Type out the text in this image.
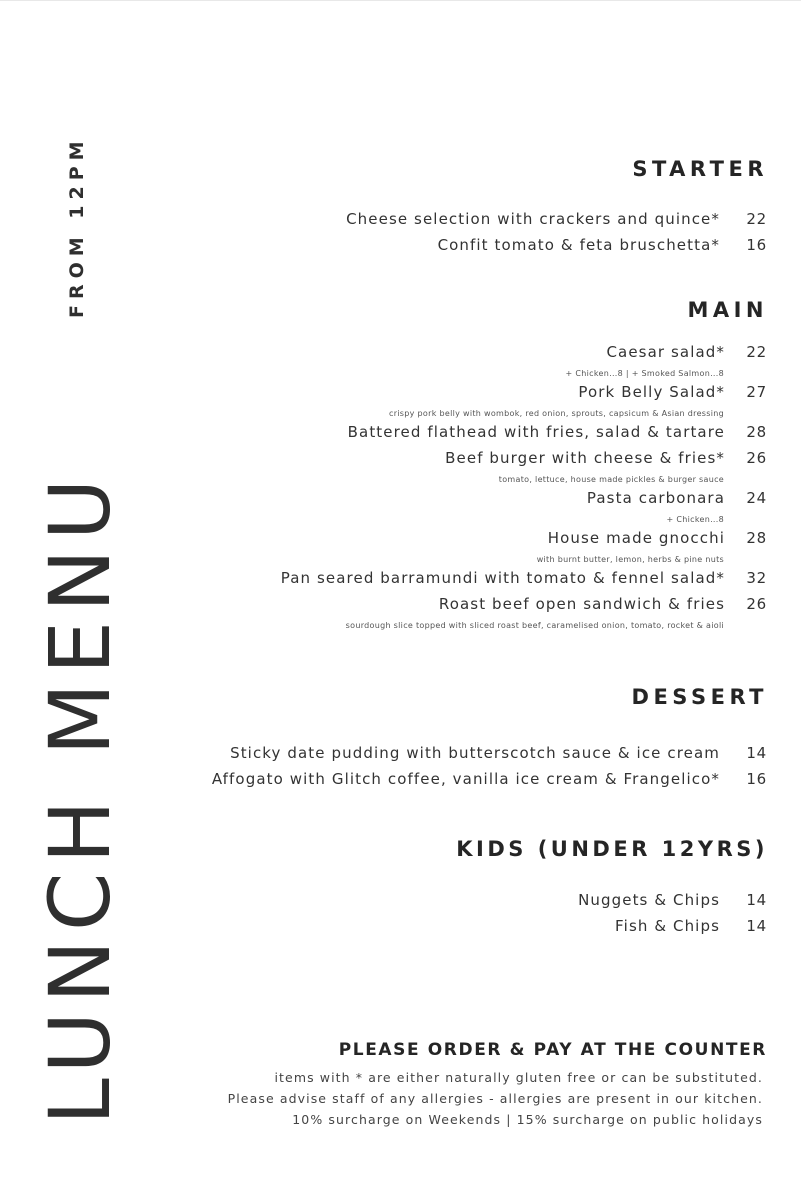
LUNCH MENU
FROM 12PM	STARTER
Cheese selection with crackers and quince* 22
Confit tomato & feta bruschetta* 16
MAIN
Caesar salad* 22
+ Chicken...8 | + Smoked Salmon...8
Pork Belly Salad* 27
crispy pork belly with wombok, red onion, sprouts, capsicum & Asian dressing
Battered flathead with fries, salad & tartare 28
Beef burger with cheese & fries* 26
tomato, lettuce, house made pickles & burger sauce
Pasta carbonara 24
+ Chicken...8
House made gnocchi 28
with burnt butter, lemon, herbs & pine nuts
Pan seared barramundi with tomato & fennel salad* 32
Roast beef open sandwich & fries 26
sourdough slice topped with sliced roast beef, caramelised onion, tomato, rocket & aioli
DESSERT
Sticky date pudding with butterscotch sauce & ice cream 14
Affogato with Glitch coffee, vanilla ice cream & Frangelico* 16
KIDS (UNDER 12YRS)
Nuggets & Chips 14
Fish & Chips 14
PLEASE ORDER & PAY AT THE COUNTER
items with * are either naturally gluten free or can be substituted.
Please advise staff of any allergies - allergies are present in our kitchen.
10% surcharge on Weekends | 15% surcharge on public holidays
